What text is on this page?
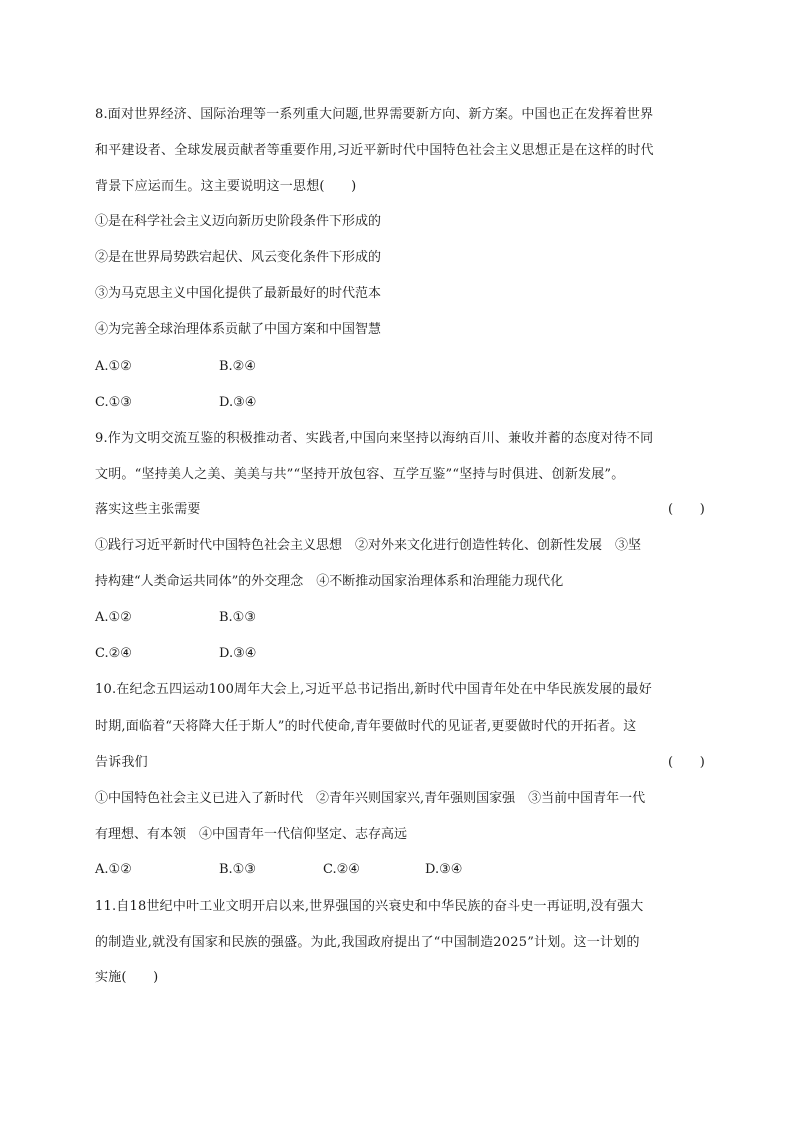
8.面对世界经济、国际治理等一系列重大问题,世界需要新方向、新方案。中国也正在发挥着世界
和平建设者、全球发展贡献者等重要作用,习近平新时代中国特色社会主义思想正是在这样的时代
背景下应运而生。这主要说明这一思想(　　)
①是在科学社会主义迈向新历史阶段条件下形成的
②是在世界局势跌宕起伏、风云变化条件下形成的
③为马克思主义中国化提供了最新最好的时代范本
④为完善全球治理体系贡献了中国方案和中国智慧
A.①②	B.②④
C.①③	D.③④
9.作为文明交流互鉴的积极推动者、实践者,中国向来坚持以海纳百川、兼收并蓄的态度对待不同
文明。“坚持美人之美、美美与共”“坚持开放包容、互学互鉴”“坚持与时俱进、创新发展”。
落实这些主张需要	(　　)
①践行习近平新时代中国特色社会主义思想　②对外来文化进行创造性转化、创新性发展　③坚
持构建“人类命运共同体”的外交理念　④不断推动国家治理体系和治理能力现代化
A.①②	B.①③
C.②④	D.③④
10.在纪念五四运动100周年大会上,习近平总书记指出,新时代中国青年处在中华民族发展的最好
时期,面临着“天将降大任于斯人”的时代使命,青年要做时代的见证者,更要做时代的开拓者。这
告诉我们	(　　)
①中国特色社会主义已进入了新时代　②青年兴则国家兴,青年强则国家强　③当前中国青年一代
有理想、有本领　④中国青年一代信仰坚定、志存高远
A.①②	B.①③	C.②④	D.③④
11.自18世纪中叶工业文明开启以来,世界强国的兴衰史和中华民族的奋斗史一再证明,没有强大
的制造业,就没有国家和民族的强盛。为此,我国政府提出了“中国制造2025”计划。这一计划的
实施(　　)
